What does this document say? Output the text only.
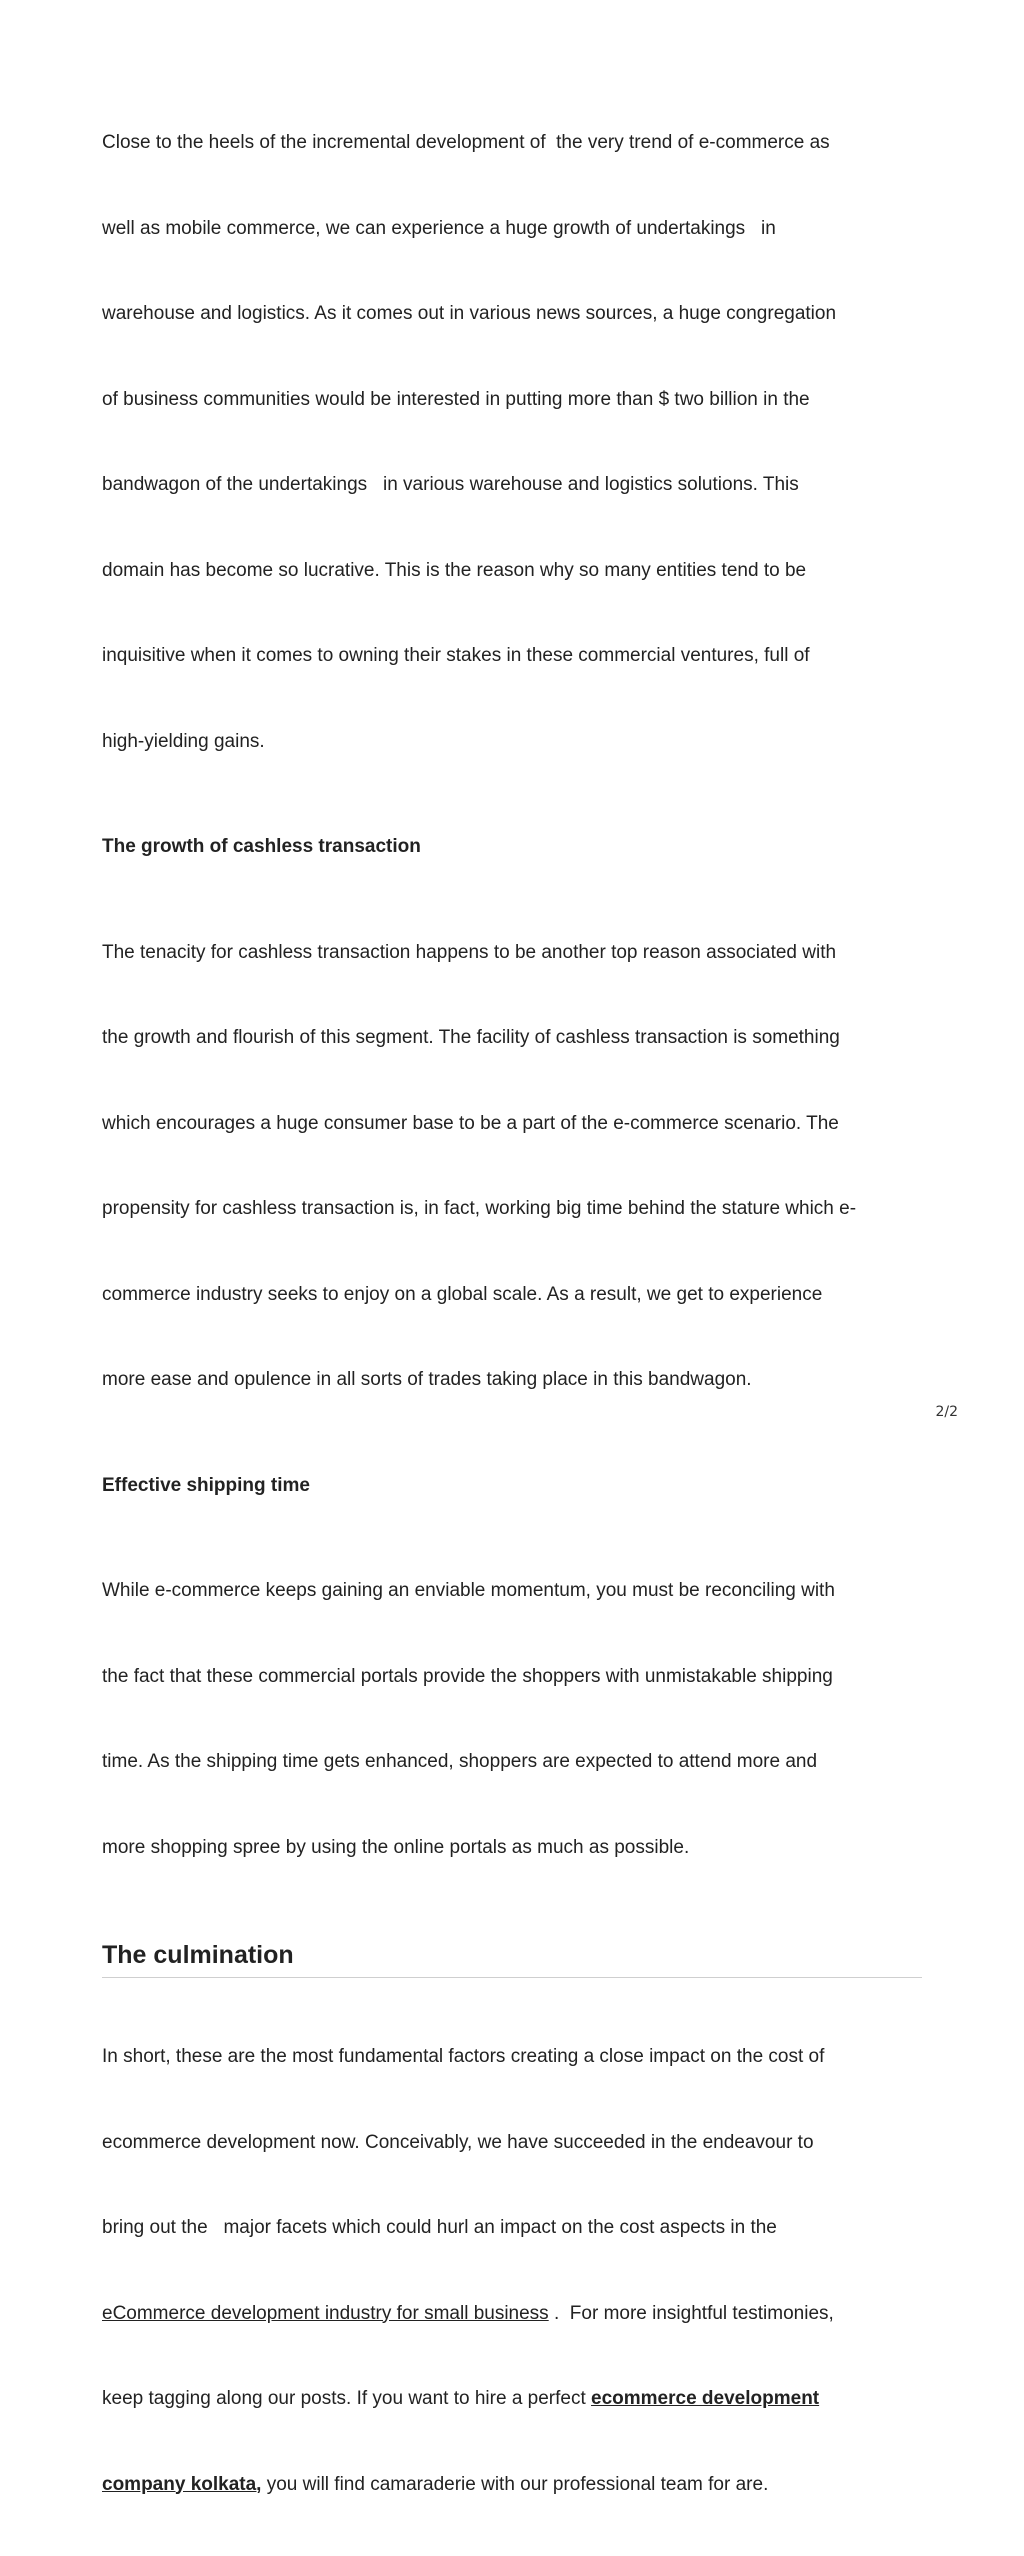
Close to the heels of the incremental development of  the very trend of e-commerce as

well as mobile commerce, we can experience a huge growth of undertakings   in

warehouse and logistics. As it comes out in various news sources, a huge congregation

of business communities would be interested in putting more than $ two billion in the

bandwagon of the undertakings   in various warehouse and logistics solutions. This

domain has become so lucrative. This is the reason why so many entities tend to be

inquisitive when it comes to owning their stakes in these commercial ventures, full of

high-yielding gains.

The growth of cashless transaction

The tenacity for cashless transaction happens to be another top reason associated with

the growth and flourish of this segment. The facility of cashless transaction is something

which encourages a huge consumer base to be a part of the e-commerce scenario. The

propensity for cashless transaction is, in fact, working big time behind the stature which e-

commerce industry seeks to enjoy on a global scale. As a result, we get to experience

more ease and opulence in all sorts of trades taking place in this bandwagon.

Effective shipping time

While e-commerce keeps gaining an enviable momentum, you must be reconciling with

the fact that these commercial portals provide the shoppers with unmistakable shipping

time. As the shipping time gets enhanced, shoppers are expected to attend more and

more shopping spree by using the online portals as much as possible.

The culmination

In short, these are the most fundamental factors creating a close impact on the cost of

ecommerce development now. Conceivably, we have succeeded in the endeavour to

bring out the   major facets which could hurl an impact on the cost aspects in the

eCommerce development industry for small business .  For more insightful testimonies,

keep tagging along our posts. If you want to hire a perfect ecommerce development

company kolkata, you will find camaraderie with our professional team for are.

2/2
